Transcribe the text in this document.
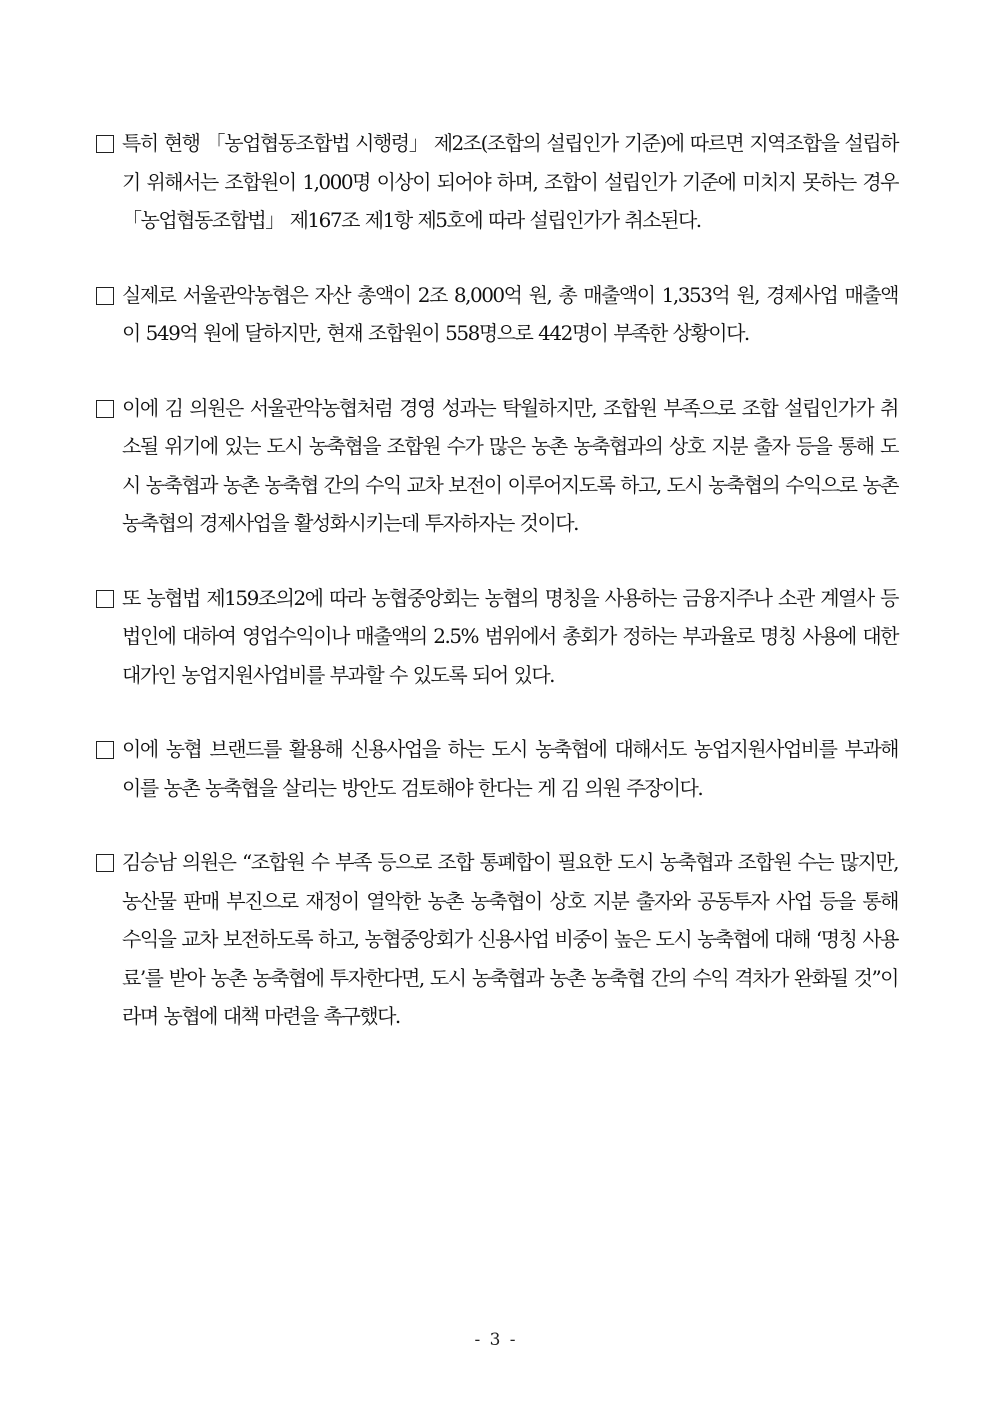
특히 현행 「농업협동조합법 시행령」 제2조(조합의 설립인가 기준)에 따르면 지역조합을 설립하기 위해서는 조합원이 1,000명 이상이 되어야 하며, 조합이 설립인가 기준에 미치지 못하는 경우 「농업협동조합법」 제167조 제1항 제5호에 따라 설립인가가 취소된다.
실제로 서울관악농협은 자산 총액이 2조 8,000억 원, 총 매출액이 1,353억 원, 경제사업 매출액이 549억 원에 달하지만, 현재 조합원이 558명으로 442명이 부족한 상황이다.
이에 김 의원은 서울관악농협처럼 경영 성과는 탁월하지만, 조합원 부족으로 조합 설립인가가 취소될 위기에 있는 도시 농축협을 조합원 수가 많은 농촌 농축협과의 상호 지분 출자 등을 통해 도시 농축협과 농촌 농축협 간의 수익 교차 보전이 이루어지도록 하고, 도시 농축협의 수익으로 농촌 농축협의 경제사업을 활성화시키는데 투자하자는 것이다.
또 농협법 제159조의2에 따라 농협중앙회는 농협의 명칭을 사용하는 금융지주나 소관 계열사 등 법인에 대하여 영업수익이나 매출액의 2.5% 범위에서 총회가 정하는 부과율로 명칭 사용에 대한 대가인 농업지원사업비를 부과할 수 있도록 되어 있다.
이에 농협 브랜드를 활용해 신용사업을 하는 도시 농축협에 대해서도 농업지원사업비를 부과해 이를 농촌 농축협을 살리는 방안도 검토해야 한다는 게 김 의원 주장이다.
김승남 의원은 “조합원 수 부족 등으로 조합 통폐합이 필요한 도시 농축협과 조합원 수는 많지만, 농산물 판매 부진으로 재정이 열악한 농촌 농축협이 상호 지분 출자와 공동투자 사업 등을 통해 수익을 교차 보전하도록 하고, 농협중앙회가 신용사업 비중이 높은 도시 농축협에 대해 ‘명칭 사용료’를 받아 농촌 농축협에 투자한다면, 도시 농축협과 농촌 농축협 간의 수익 격차가 완화될 것”이라며 농협에 대책 마련을 촉구했다.
- 3 -
